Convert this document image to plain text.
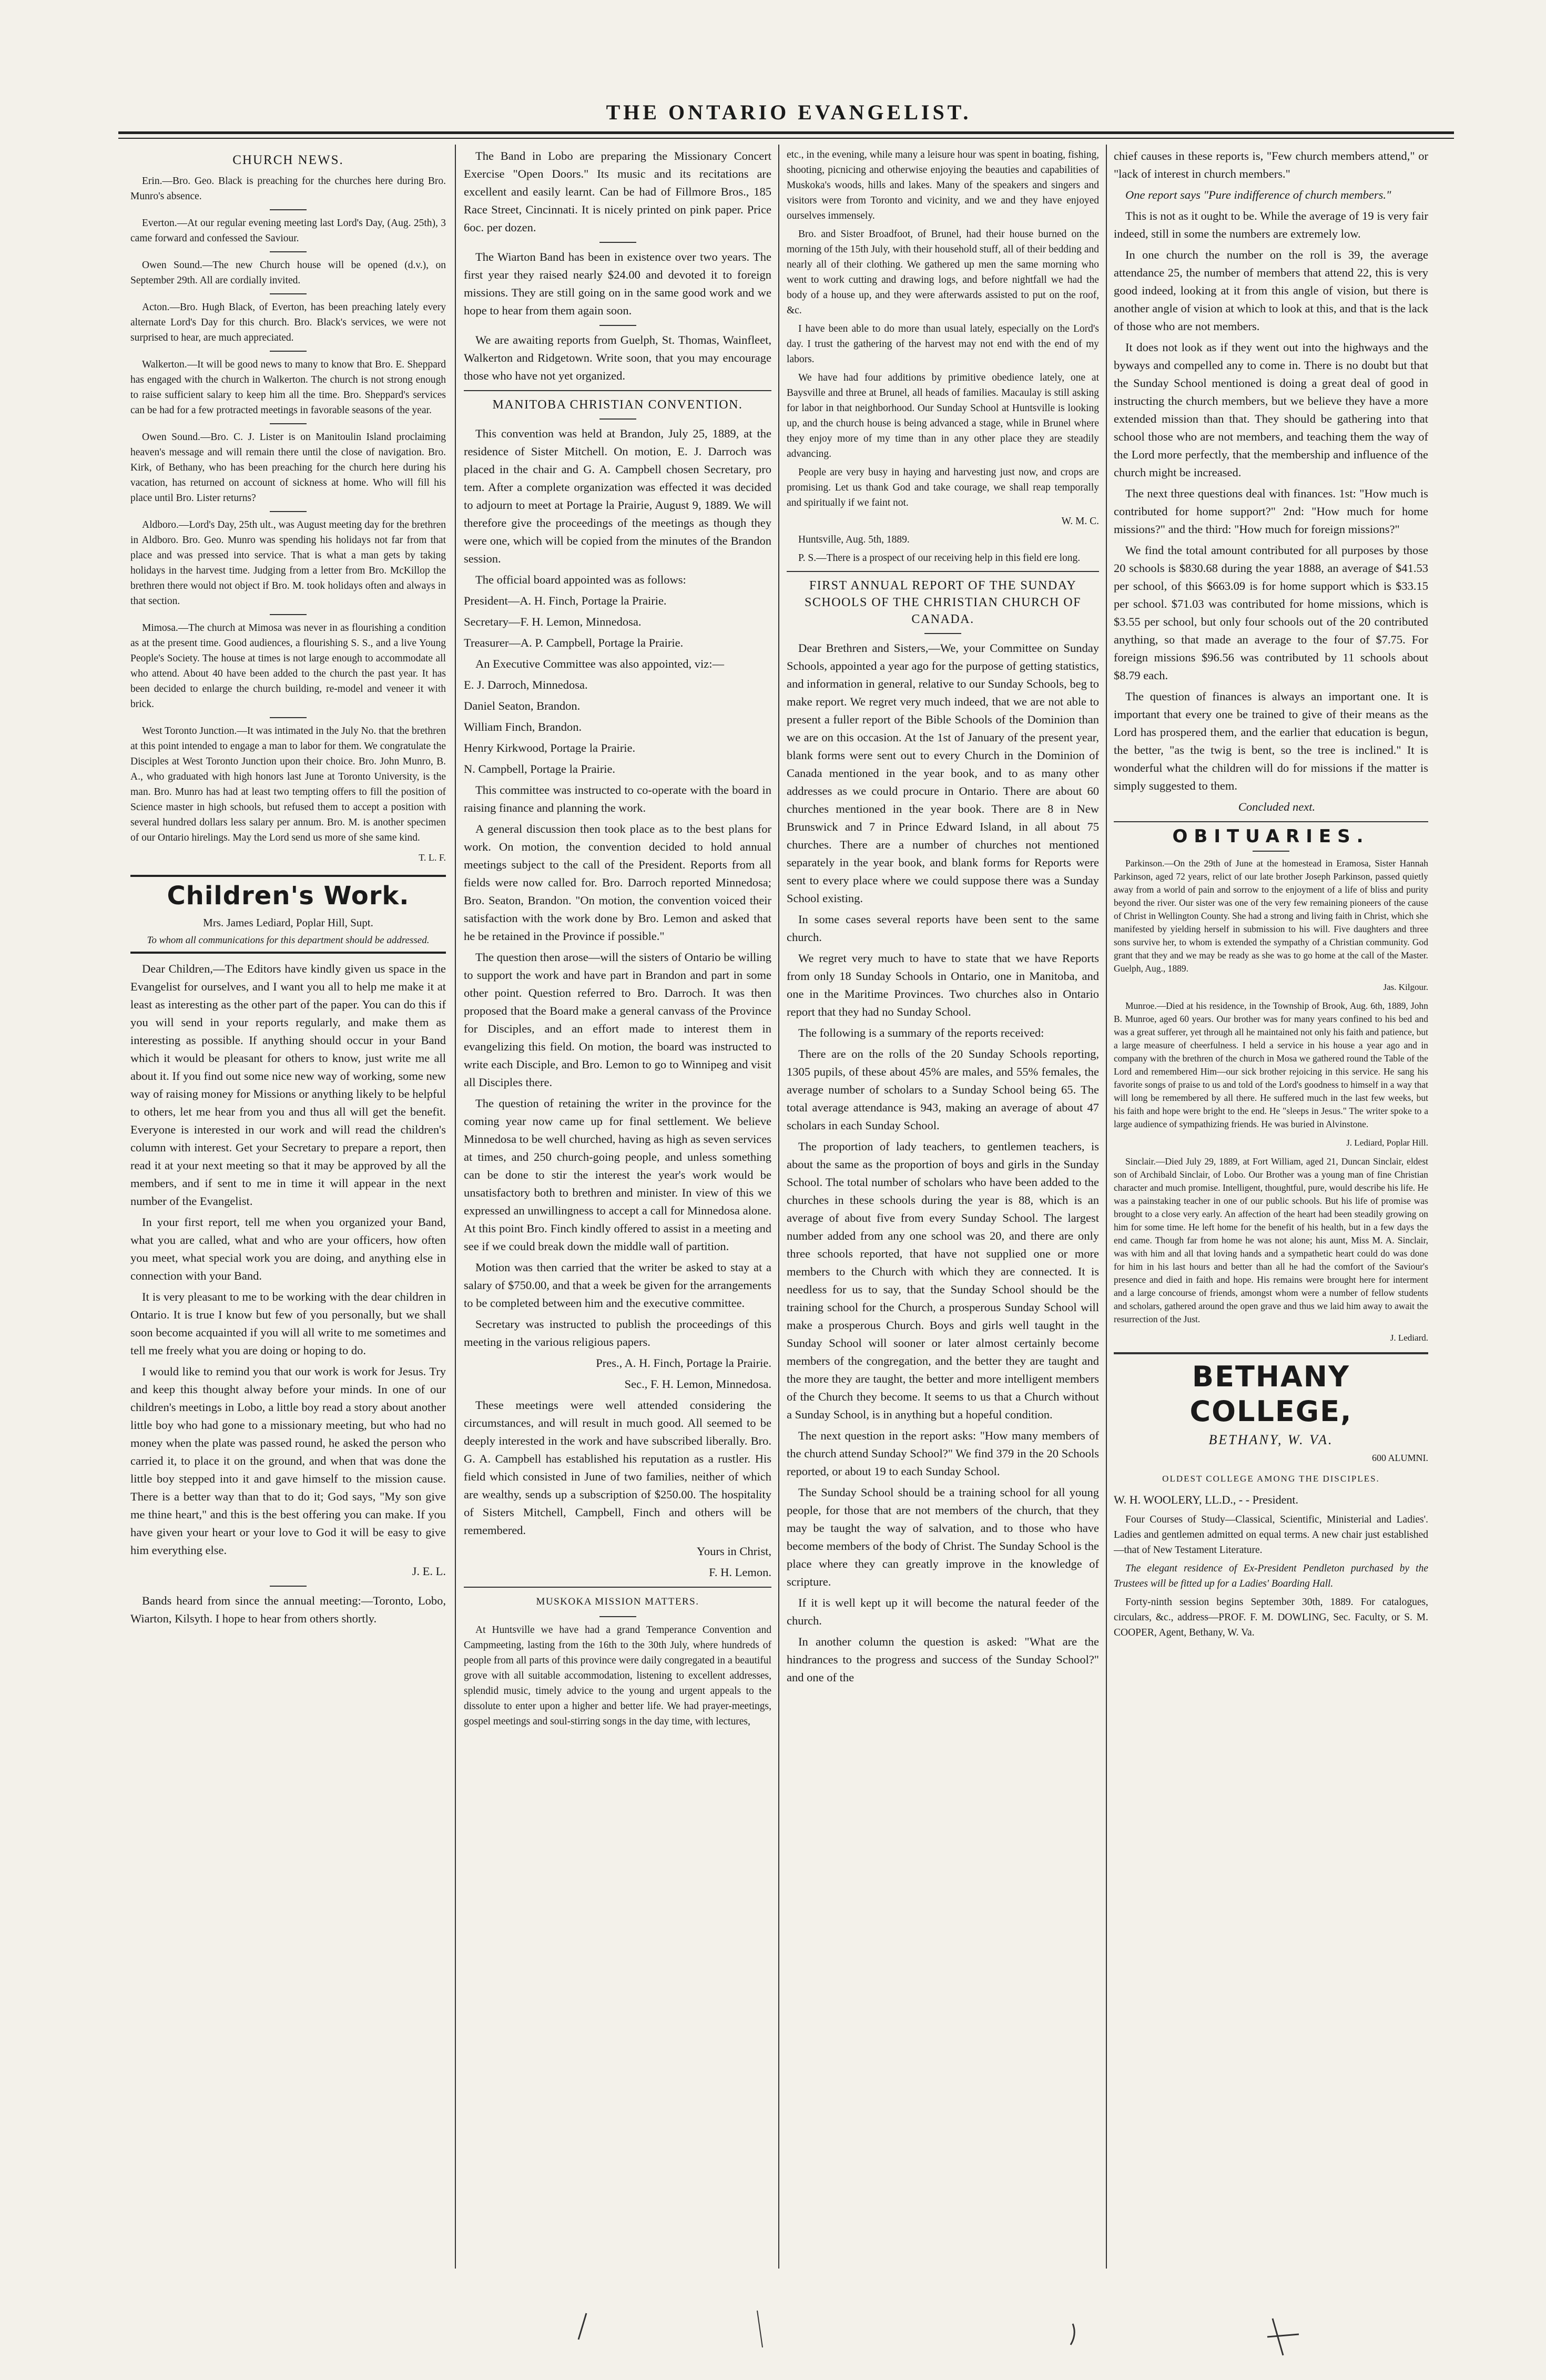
THE ONTARIO EVANGELIST.
CHURCH NEWS.

Erin.—Bro. Geo. Black is preaching for the churches here during Bro. Munro's absence.

Everton.—At our regular evening meeting last Lord's Day, (Aug. 25th), 3 came forward and confessed the Saviour.

Owen Sound.—The new Church house will be opened (d.v.), on September 29th. All are cordially invited.

Acton.—Bro. Hugh Black, of Everton, has been preaching lately every alternate Lord's Day for this church. Bro. Black's services, we were not surprised to hear, are much appreciated.

Walkerton.—It will be good news to many to know that Bro. E. Sheppard has engaged with the church in Walkerton. The church is not strong enough to raise sufficient salary to keep him all the time. Bro. Sheppard's services can be had for a few protracted meetings in favorable seasons of the year.

Owen Sound.—Bro. C. J. Lister is on Manitoulin Island proclaiming heaven's message and will remain there until the close of navigation. Bro. Kirk, of Bethany, who has been preaching for the church here during his vacation, has returned on account of sickness at home. Who will fill his place until Bro. Lister returns?

Aldboro.—Lord's Day, 25th ult., was August meeting day for the brethren in Aldboro. Bro. Geo. Munro was spending his holidays not far from that place and was pressed into service. That is what a man gets by taking holidays in the harvest time. Judging from a letter from Bro. McKillop the brethren there would not object if Bro. M. took holidays often and always in that section.

Mimosa.—The church at Mimosa was never in as flourishing a condition as at the present time. Good audiences, a flourishing S. S., and a live Young People's Society. The house at times is not large enough to accommodate all who attend. About 40 have been added to the church the past year. It has been decided to enlarge the church building, re-model and veneer it with brick.

West Toronto Junction.—It was intimated in the July No. that the brethren at this point intended to engage a man to labor for them. We congratulate the Disciples at West Toronto Junction upon their choice. Bro. John Munro, B. A., who graduated with high honors last June at Toronto University, is the man. Bro. Munro has had at least two tempting offers to fill the position of Science master in high schools, but refused them to accept a position with several hundred dollars less salary per annum. Bro. M. is another specimen of our Ontario hirelings. May the Lord send us more of she same kind.

T. L. F.

Children's Work.
Mrs. James Lediard, Poplar Hill, Supt.
To whom all communications for this department should be addressed.

Dear Children,—The Editors have kindly given us space in the Evangelist for ourselves, and I want you all to help me make it at least as interesting as the other part of the paper. You can do this if you will send in your reports regularly, and make them as interesting as possible. If anything should occur in your Band which it would be pleasant for others to know, just write me all about it. If you find out some nice new way of working, some new way of raising money for Missions or anything likely to be helpful to others, let me hear from you and thus all will get the benefit. Everyone is interested in our work and will read the children's column with interest. Get your Secretary to prepare a report, then read it at your next meeting so that it may be approved by all the members, and if sent to me in time it will appear in the next number of the Evangelist.

In your first report, tell me when you organized your Band, what you are called, what and who are your officers, how often you meet, what special work you are doing, and anything else in connection with your Band.

It is very pleasant to me to be working with the dear children in Ontario. It is true I know but few of you personally, but we shall soon become acquainted if you will all write to me sometimes and tell me freely what you are doing or hoping to do.

I would like to remind you that our work is work for Jesus. Try and keep this thought alway before your minds. In one of our children's meetings in Lobo, a little boy read a story about another little boy who had gone to a missionary meeting, but who had no money when the plate was passed round, he asked the person who carried it, to place it on the ground, and when that was done the little boy stepped into it and gave himself to the mission cause. There is a better way than that to do it; God says, "My son give me thine heart," and this is the best offering you can make. If you have given your heart or your love to God it will be easy to give him everything else.

J. E. L.

Bands heard from since the annual meeting:—Toronto, Lobo, Wiarton, Kilsyth. I hope to hear from others shortly.

The Band in Lobo are preparing the Missionary Concert Exercise "Open Doors." Its music and its recitations are excellent and easily learnt. Can be had of Fillmore Bros., 185 Race Street, Cincinnati. It is nicely printed on pink paper. Price 6oc. per dozen.

The Wiarton Band has been in existence over two years. The first year they raised nearly $24.00 and devoted it to foreign missions. They are still going on in the same good work and we hope to hear from them again soon.

We are awaiting reports from Guelph, St. Thomas, Wainfleet, Walkerton and Ridgetown. Write soon, that you may encourage those who have not yet organized.

MANITOBA CHRISTIAN CONVENTION.

This convention was held at Brandon, July 25, 1889, at the residence of Sister Mitchell. On motion, E. J. Darroch was placed in the chair and G. A. Campbell chosen Secretary, pro tem. After a complete organization was effected it was decided to adjourn to meet at Portage la Prairie, August 9, 1889. We will therefore give the proceedings of the meetings as though they were one, which will be copied from the minutes of the Brandon session.

The official board appointed was as follows:

President—A. H. Finch, Portage la Prairie.

Secretary—F. H. Lemon, Minnedosa.

Treasurer—A. P. Campbell, Portage la Prairie.

An Executive Committee was also appointed, viz:—

E. J. Darroch, Minnedosa.

Daniel Seaton, Brandon.

William Finch, Brandon.

Henry Kirkwood, Portage la Prairie.

N. Campbell, Portage la Prairie.

This committee was instructed to co-operate with the board in raising finance and planning the work.

A general discussion then took place as to the best plans for work. On motion, the convention decided to hold annual meetings subject to the call of the President. Reports from all fields were now called for. Bro. Darroch reported Minnedosa; Bro. Seaton, Brandon. "On motion, the convention voiced their satisfaction with the work done by Bro. Lemon and asked that he be retained in the Province if possible."

The question then arose—will the sisters of Ontario be willing to support the work and have part in Brandon and part in some other point. Question referred to Bro. Darroch. It was then proposed that the Board make a general canvass of the Province for Disciples, and an effort made to interest them in evangelizing this field. On motion, the board was instructed to write each Disciple, and Bro. Lemon to go to Winnipeg and visit all Disciples there.

The question of retaining the writer in the province for the coming year now came up for final settlement. We believe Minnedosa to be well churched, having as high as seven services at times, and 250 church-going people, and unless something can be done to stir the interest the year's work would be unsatisfactory both to brethren and minister. In view of this we expressed an unwillingness to accept a call for Minnedosa alone. At this point Bro. Finch kindly offered to assist in a meeting and see if we could break down the middle wall of partition.

Motion was then carried that the writer be asked to stay at a salary of $750.00, and that a week be given for the arrangements to be completed between him and the executive committee.

Secretary was instructed to publish the proceedings of this meeting in the various religious papers.

Pres., A. H. Finch, Portage la Prairie.

Sec., F. H. Lemon, Minnedosa.

These meetings were well attended considering the circumstances, and will result in much good. All seemed to be deeply interested in the work and have subscribed liberally. Bro. G. A. Campbell has established his reputation as a rustler. His field which consisted in June of two families, neither of which are wealthy, sends up a subscription of $250.00. The hospitality of Sisters Mitchell, Campbell, Finch and others will be remembered.

Yours in Christ,

F. H. Lemon.

MUSKOKA MISSION MATTERS.

At Huntsville we have had a grand Temperance Convention and Campmeeting, lasting from the 16th to the 30th July, where hundreds of people from all parts of this province were daily congregated in a beautiful grove with all suitable accommodation, listening to excellent addresses, splendid music, timely advice to the young and urgent appeals to the dissolute to enter upon a higher and better life. We had prayer-meetings, gospel meetings and soul-stirring songs in the day time, with lectures,

etc., in the evening, while many a leisure hour was spent in boating, fishing, shooting, picnicing and otherwise enjoying the beauties and capabilities of Muskoka's woods, hills and lakes. Many of the speakers and singers and visitors were from Toronto and vicinity, and we and they have enjoyed ourselves immensely.

Bro. and Sister Broadfoot, of Brunel, had their house burned on the morning of the 15th July, with their household stuff, all of their bedding and nearly all of their clothing. We gathered up men the same morning who went to work cutting and drawing logs, and before nightfall we had the body of a house up, and they were afterwards assisted to put on the roof, &c.

I have been able to do more than usual lately, especially on the Lord's day. I trust the gathering of the harvest may not end with the end of my labors.

We have had four additions by primitive obedience lately, one at Baysville and three at Brunel, all heads of families. Macaulay is still asking for labor in that neighborhood. Our Sunday School at Huntsville is looking up, and the church house is being advanced a stage, while in Brunel where they enjoy more of my time than in any other place they are steadily advancing.

People are very busy in haying and harvesting just now, and crops are promising. Let us thank God and take courage, we shall reap temporally and spiritually if we faint not.

W. M. C.

Huntsville, Aug. 5th, 1889.

P. S.—There is a prospect of our receiving help in this field ere long.

FIRST ANNUAL REPORT OF THE SUNDAY SCHOOLS OF THE CHRISTIAN CHURCH OF CANADA.

Dear Brethren and Sisters,—We, your Committee on Sunday Schools, appointed a year ago for the purpose of getting statistics, and information in general, relative to our Sunday Schools, beg to make report. We regret very much indeed, that we are not able to present a fuller report of the Bible Schools of the Dominion than we are on this occasion. At the 1st of January of the present year, blank forms were sent out to every Church in the Dominion of Canada mentioned in the year book, and to as many other addresses as we could procure in Ontario. There are about 60 churches mentioned in the year book. There are 8 in New Brunswick and 7 in Prince Edward Island, in all about 75 churches. There are a number of churches not mentioned separately in the year book, and blank forms for Reports were sent to every place where we could suppose there was a Sunday School existing.

In some cases several reports have been sent to the same church.

We regret very much to have to state that we have Reports from only 18 Sunday Schools in Ontario, one in Manitoba, and one in the Maritime Provinces. Two churches also in Ontario report that they had no Sunday School.

The following is a summary of the reports received:

There are on the rolls of the 20 Sunday Schools reporting, 1305 pupils, of these about 45% are males, and 55% females, the average number of scholars to a Sunday School being 65. The total average attendance is 943, making an average of about 47 scholars in each Sunday School.

The proportion of lady teachers, to gentlemen teachers, is about the same as the proportion of boys and girls in the Sunday School. The total number of scholars who have been added to the churches in these schools during the year is 88, which is an average of about five from every Sunday School. The largest number added from any one school was 20, and there are only three schools reported, that have not supplied one or more members to the Church with which they are connected. It is needless for us to say, that the Sunday School should be the training school for the Church, a prosperous Sunday School will make a prosperous Church. Boys and girls well taught in the Sunday School will sooner or later almost certainly become members of the congregation, and the better they are taught and the more they are taught, the better and more intelligent members of the Church they become. It seems to us that a Church without a Sunday School, is in anything but a hopeful condition.

The next question in the report asks: "How many members of the church attend Sunday School?" We find 379 in the 20 Schools reported, or about 19 to each Sunday School.

The Sunday School should be a training school for all young people, for those that are not members of the church, that they may be taught the way of salvation, and to those who have become members of the body of Christ. The Sunday School is the place where they can greatly improve in the knowledge of scripture.

If it is well kept up it will become the natural feeder of the church.

In another column the question is asked: "What are the hindrances to the progress and success of the Sunday School?" and one of the

chief causes in these reports is, "Few church members attend," or "lack of interest in church members."

One report says "Pure indifference of church members."

This is not as it ought to be. While the average of 19 is very fair indeed, still in some the numbers are extremely low.

In one church the number on the roll is 39, the average attendance 25, the number of members that attend 22, this is very good indeed, looking at it from this angle of vision, but there is another angle of vision at which to look at this, and that is the lack of those who are not members.

It does not look as if they went out into the highways and the byways and compelled any to come in. There is no doubt but that the Sunday School mentioned is doing a great deal of good in instructing the church members, but we believe they have a more extended mission than that. They should be gathering into that school those who are not members, and teaching them the way of the Lord more perfectly, that the membership and influence of the church might be increased.

The next three questions deal with finances. 1st: "How much is contributed for home support?" 2nd: "How much for home missions?" and the third: "How much for foreign missions?"

We find the total amount contributed for all purposes by those 20 schools is $830.68 during the year 1888, an average of $41.53 per school, of this $663.09 is for home support which is $33.15 per school. $71.03 was contributed for home missions, which is $3.55 per school, but only four schools out of the 20 contributed anything, so that made an average to the four of $7.75. For foreign missions $96.56 was contributed by 11 schools about $8.79 each.

The question of finances is always an important one. It is important that every one be trained to give of their means as the Lord has prospered them, and the earlier that education is begun, the better, "as the twig is bent, so the tree is inclined." It is wonderful what the children will do for missions if the matter is simply suggested to them.

Concluded next.

OBITUARIES.

Parkinson.—On the 29th of June at the homestead in Eramosa, Sister Hannah Parkinson, aged 72 years, relict of our late brother Joseph Parkinson, passed quietly away from a world of pain and sorrow to the enjoyment of a life of bliss and purity beyond the river. Our sister was one of the very few remaining pioneers of the cause of Christ in Wellington County. She had a strong and living faith in Christ, which she manifested by yielding herself in submission to his will. Five daughters and three sons survive her, to whom is extended the sympathy of a Christian community. God grant that they and we may be ready as she was to go home at the call of the Master. Guelph, Aug., 1889.

Jas. Kilgour.

Munroe.—Died at his residence, in the Township of Brook, Aug. 6th, 1889, John B. Munroe, aged 60 years. Our brother was for many years confined to his bed and was a great sufferer, yet through all he maintained not only his faith and patience, but a large measure of cheerfulness. I held a service in his house a year ago and in company with the brethren of the church in Mosa we gathered round the Table of the Lord and remembered Him—our sick brother rejoicing in this service. He sang his favorite songs of praise to us and told of the Lord's goodness to himself in a way that will long be remembered by all there. He suffered much in the last few weeks, but his faith and hope were bright to the end. He "sleeps in Jesus." The writer spoke to a large audience of sympathizing friends. He was buried in Alvinstone.

J. Lediard, Poplar Hill.

Sinclair.—Died July 29, 1889, at Fort William, aged 21, Duncan Sinclair, eldest son of Archibald Sinclair, of Lobo. Our Brother was a young man of fine Christian character and much promise. Intelligent, thoughtful, pure, would describe his life. He was a painstaking teacher in one of our public schools. But his life of promise was brought to a close very early. An affection of the heart had been steadily growing on him for some time. He left home for the benefit of his health, but in a few days the end came. Though far from home he was not alone; his aunt, Miss M. A. Sinclair, was with him and all that loving hands and a sympathetic heart could do was done for him in his last hours and better than all he had the comfort of the Saviour's presence and died in faith and hope. His remains were brought here for interment and a large concourse of friends, amongst whom were a number of fellow students and scholars, gathered around the open grave and thus we laid him away to await the resurrection of the Just.

J. Lediard.

BETHANY COLLEGE,
BETHANY, W. VA.
600 ALUMNI.
OLDEST COLLEGE AMONG THE DISCIPLES.
W. H. WOOLERY, LL.D., - - President.

Four Courses of Study—Classical, Scientific, Ministerial and Ladies'. Ladies and gentlemen admitted on equal terms. A new chair just established—that of New Testament Literature.

The elegant residence of Ex-President Pendleton purchased by the Trustees will be fitted up for a Ladies' Boarding Hall.

Forty-ninth session begins September 30th, 1889. For catalogues, circulars, &c., address—PROF. F. M. DOWLING, Sec. Faculty, or S. M. COOPER, Agent, Bethany, W. Va.
